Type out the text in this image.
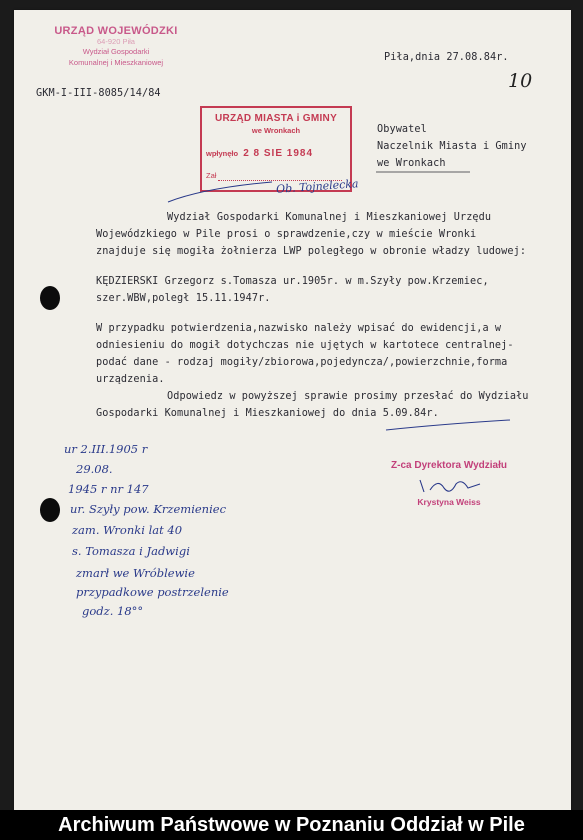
URZĄD WOJEWÓDZKI
64-920 Piła
Wydział Gospodarki
Komunalnej i Mieszkaniowej
GKM-I-III-8085/14/84
Piła,dnia 27.08.84r.
10
URZĄD MIASTA i GMINY
we Wronkach
wpłynęło 2 8 SIE 1984
Zał
Obywatel
Naczelnik Miasta i Gminy
we Wronkach
Ob. Tojnelecka
Wydział Gospodarki Komunalnej i Mieszkaniowej Urzędu
Wojewódzkiego w Pile prosi o sprawdzenie,czy w mieście Wronki
znajduje się mogiła żołnierza LWP poległego w obronie władzy ludowej:
KĘDZIERSKI Grzegorz s.Tomasza ur.1905r. w m.Szyły pow.Krzemiec,
szer.WBW,poległ 15.11.1947r.
W przypadku potwierdzenia,nazwisko należy wpisać do ewidencji,a w
odniesieniu do mogił dotychczas nie ujętych w kartotece centralnej-
podać dane - rodzaj mogiły/zbiorowa,pojedyncza/,powierzchnie,forma
urządzenia.
Odpowiedz w powyższej sprawie prosimy przesłać do Wydziału
Gospodarki Komunalnej i Mieszkaniowej do dnia 5.09.84r.
Z-ca Dyrektora Wydziału
Krystyna Weiss
ur 2.III.1905 r
29.08.
1945 r nr 147
ur. Szyły pow. Krzemieniec
zam. Wronki lat 40
s. Tomasza i Jadwigi
zmarł we Wróblewie
przypadkowe postrzelenie
godz. 18°°
Archiwum Państwowe w Poznaniu Oddział w Pile
